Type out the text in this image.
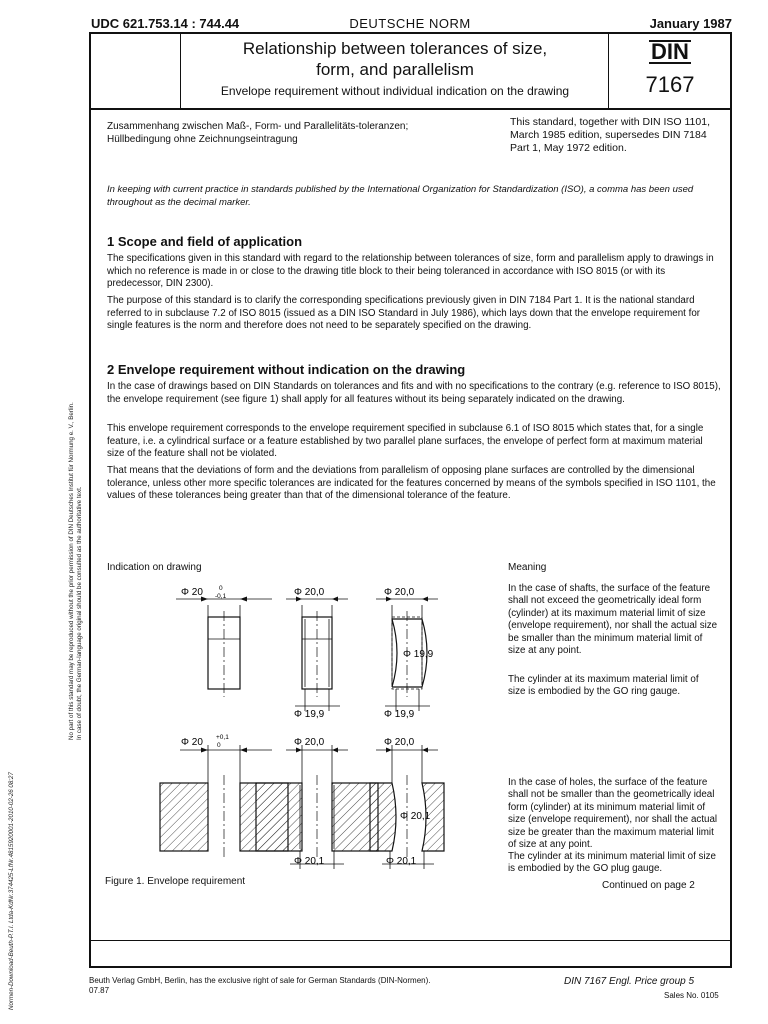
UDC 621.753.14 : 744.44	DEUTSCHE NORM	January 1987
Relationship between tolerances of size,
form, and parallelism
Envelope requirement without individual indication on the drawing
DIN
7167
Zusammenhang zwischen Maß-, Form- und Parallelitäts-toleranzen; Hüllbedingung ohne Zeichnungseintragung
This standard, together with DIN ISO 1101, March 1985 edition, supersedes DIN 7184 Part 1, May 1972 edition.
In keeping with current practice in standards published by the International Organization for Standardization (ISO), a comma has been used throughout as the decimal marker.
1 Scope and field of application
The specifications given in this standard with regard to the relationship between tolerances of size, form and parallelism apply to drawings in which no reference is made in or close to the drawing title block to their being toleranced in accordance with ISO 8015 (or with its predecessor, DIN 2300).
The purpose of this standard is to clarify the corresponding specifications previously given in DIN 7184 Part 1. It is the national standard referred to in subclause 7.2 of ISO 8015 (issued as a DIN ISO Standard in July 1986), which lays down that the envelope requirement for single features is the norm and therefore does not need to be separately specified on the drawing.
2 Envelope requirement without indication on the drawing
In the case of drawings based on DIN Standards on tolerances and fits and with no specifications to the contrary (e.g. reference to ISO 8015), the envelope requirement (see figure 1) shall apply for all features without its being separately indicated on the drawing.
This envelope requirement corresponds to the envelope requirement specified in subclause 6.1 of ISO 8015 which states that, for a single feature, i.e. a cylindrical surface or a feature established by two parallel plane surfaces, the envelope of perfect form at maximum material size of the feature shall not be violated.
That means that the deviations of form and the deviations from parallelism of opposing plane surfaces are controlled by the dimensional tolerance, unless other more specific tolerances are indicated for the features concerned by means of the symbols specified in ISO 1101, the values of these tolerances being greater than that of the dimensional tolerance of the feature.
Indication on drawing	Meaning
In the case of shafts, the surface of the feature shall not exceed the geometrically ideal form (cylinder) at its maximum material limit of size (envelope requirement), nor shall the actual size be smaller than the minimum material limit of size at any point.
The cylinder at its maximum material limit of size is embodied by the GO ring gauge.
In the case of holes, the surface of the feature shall not be smaller than the geometrically ideal form (cylinder) at its minimum material limit of size (envelope requirement), nor shall the actual size be greater than the maximum material limit of size at any point.
The cylinder at its minimum material limit of size is embodied by the GO plug gauge.
Φ 20 0
-0,1	Φ 20,0
Φ 19,9
Φ 20,0
Φ 19,9
Φ 19,9
Φ 20 +0,1
0	Φ 20,0
Φ 20,1
Φ 20,0
Φ 20,1
Φ 20,1
Figure 1. Envelope requirement	Continued on page 2
Beuth Verlag GmbH, Berlin, has the exclusive right of sale for German Standards (DIN-Normen).
07.87
DIN 7167 Engl. Price group 5
Sales No. 0105
No part of this standard may be reproduced without the prior permission of DIN Deutsches Institut für Normung e. V., Berlin. In case of doubt, the German-language original should be consulted as the authoritative text.
Normen-Download-Beuth-P.T.I. Ltda-KdNr.374425-LfNr.4815920001-2010-02-26 08:27
